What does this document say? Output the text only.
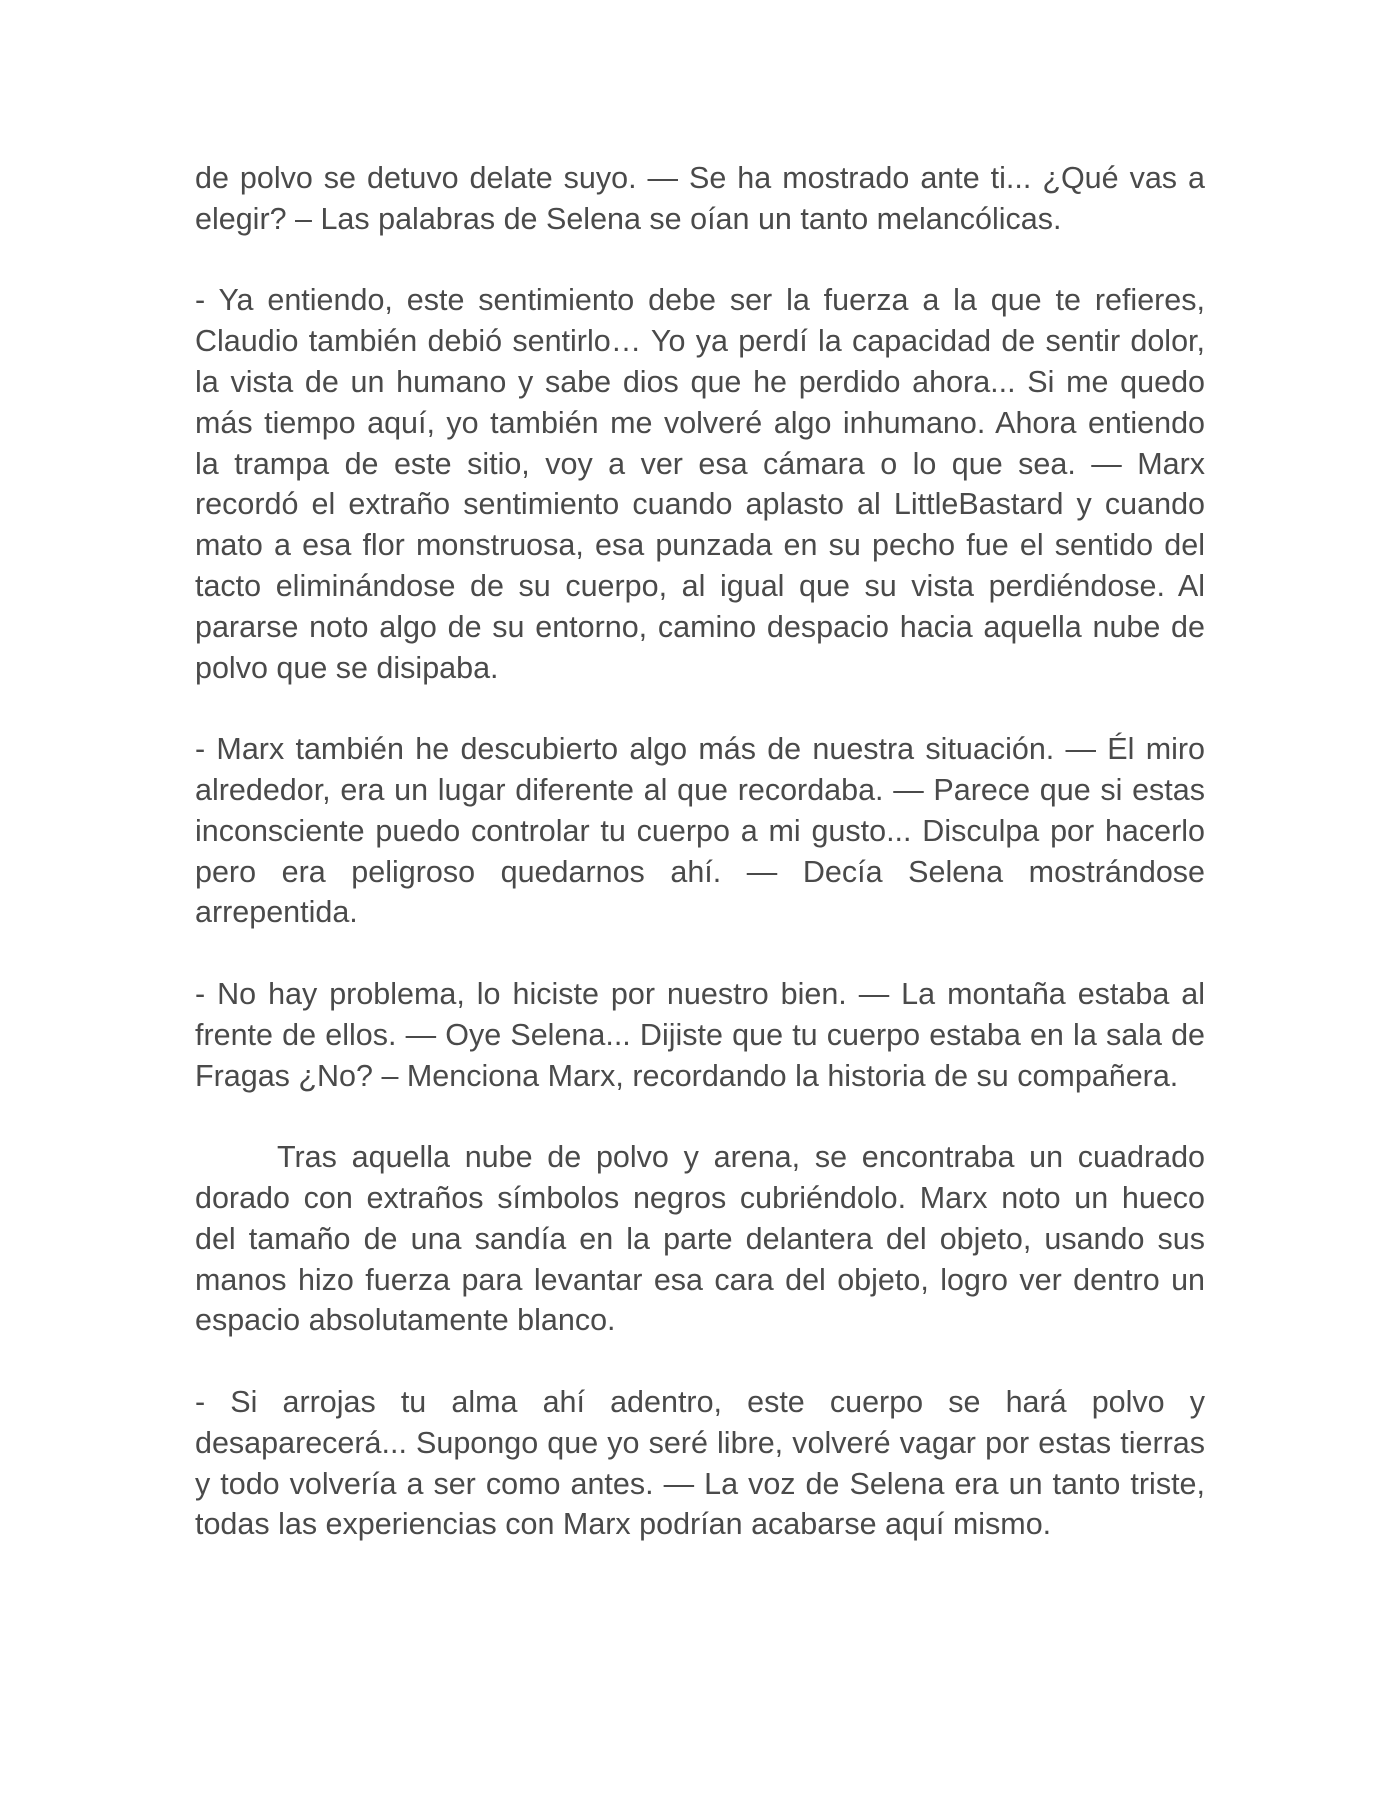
de polvo se detuvo delate suyo. — Se ha mostrado ante ti... ¿Qué vas a elegir? – Las palabras de Selena se oían un tanto melancólicas.

- Ya entiendo, este sentimiento debe ser la fuerza a la que te refieres, Claudio también debió sentirlo… Yo ya perdí la capacidad de sentir dolor, la vista de un humano y sabe dios que he perdido ahora... Si me quedo más tiempo aquí, yo también me volveré algo inhumano. Ahora entiendo la trampa de este sitio, voy a ver esa cámara o lo que sea. — Marx recordó el extraño sentimiento cuando aplasto al LittleBastard y cuando mato a esa flor monstruosa, esa punzada en su pecho fue el sentido del tacto eliminándose de su cuerpo, al igual que su vista perdiéndose. Al pararse noto algo de su entorno, camino despacio hacia aquella nube de polvo que se disipaba.

- Marx también he descubierto algo más de nuestra situación. — Él miro alrededor, era un lugar diferente al que recordaba. — Parece que si estas inconsciente puedo controlar tu cuerpo a mi gusto... Disculpa por hacerlo pero era peligroso quedarnos ahí. — Decía Selena mostrándose arrepentida.

- No hay problema, lo hiciste por nuestro bien. — La montaña estaba al frente de ellos. — Oye Selena... Dijiste que tu cuerpo estaba en la sala de Fragas ¿No? – Menciona Marx, recordando la historia de su compañera.

Tras aquella nube de polvo y arena, se encontraba un cuadrado dorado con extraños símbolos negros cubriéndolo. Marx noto un hueco del tamaño de una sandía en la parte delantera del objeto, usando sus manos hizo fuerza para levantar esa cara del objeto, logro ver dentro un espacio absolutamente blanco.

- Si arrojas tu alma ahí adentro, este cuerpo se hará polvo y desaparecerá... Supongo que yo seré libre, volveré vagar por estas tierras y todo volvería a ser como antes. — La voz de Selena era un tanto triste, todas las experiencias con Marx podrían acabarse aquí mismo.
